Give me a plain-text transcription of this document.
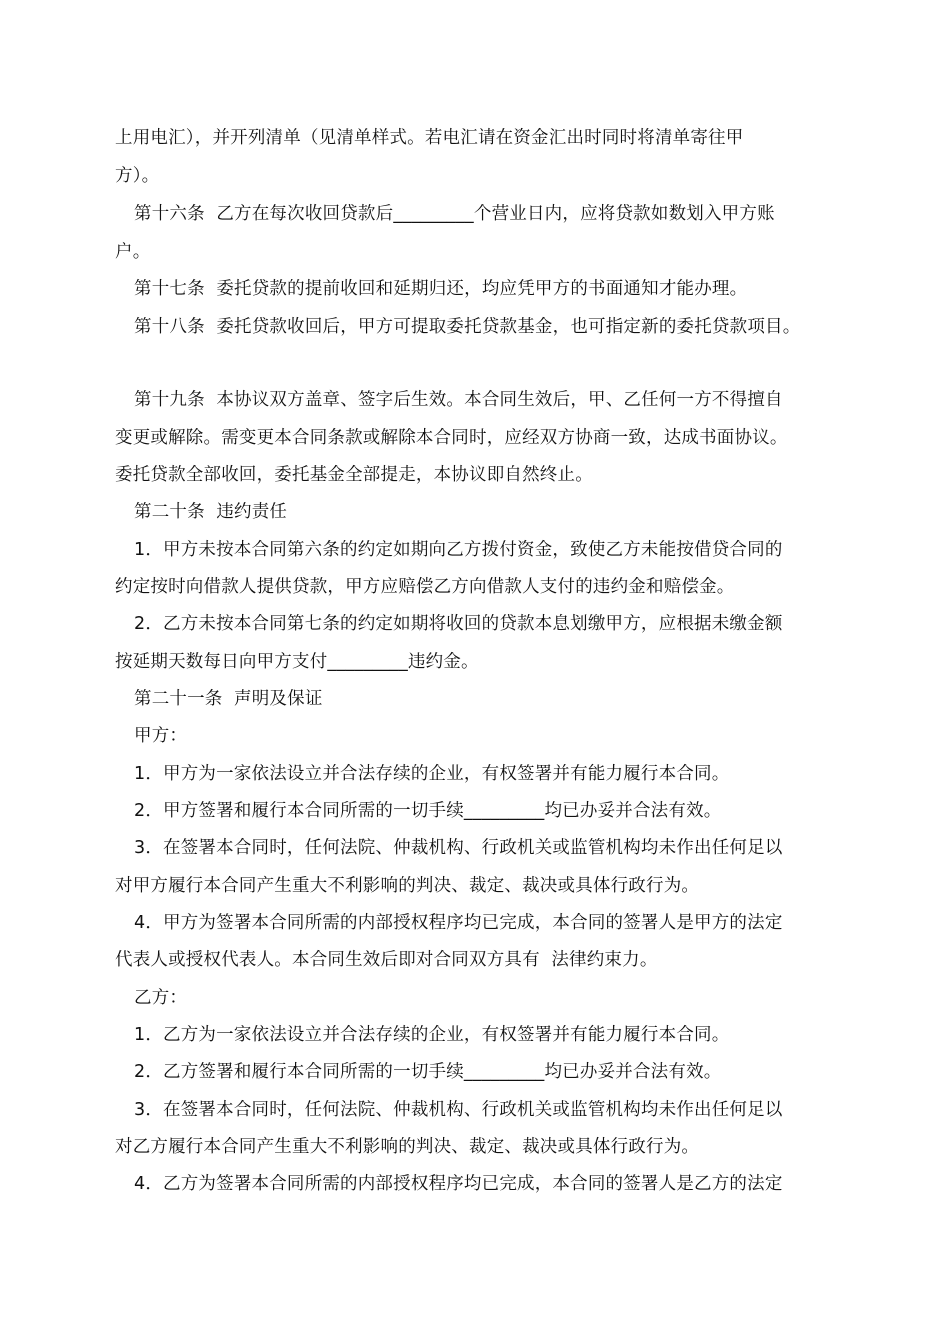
上用电汇），并开列清单（见清单样式。若电汇请在资金汇出时同时将清单寄往甲
方）。
第十六条  乙方在每次收回贷款后_________个营业日内，应将贷款如数划入甲方账
户。
第十七条  委托贷款的提前收回和延期归还，均应凭甲方的书面通知才能办理。
第十八条  委托贷款收回后，甲方可提取委托贷款基金，也可指定新的委托贷款项目。
第十九条  本协议双方盖章、签字后生效。本合同生效后，甲、乙任何一方不得擅自
变更或解除。需变更本合同条款或解除本合同时，应经双方协商一致，达成书面协议。
委托贷款全部收回，委托基金全部提走，本协议即自然终止。
第二十条  违约责任
1．甲方未按本合同第六条的约定如期向乙方拨付资金，致使乙方未能按借贷合同的
约定按时向借款人提供贷款，甲方应赔偿乙方向借款人支付的违约金和赔偿金。
2．乙方未按本合同第七条的约定如期将收回的贷款本息划缴甲方，应根据未缴金额
按延期天数每日向甲方支付_________违约金。
第二十一条  声明及保证
甲方：
1．甲方为一家依法设立并合法存续的企业，有权签署并有能力履行本合同。
2．甲方签署和履行本合同所需的一切手续_________均已办妥并合法有效。
3．在签署本合同时，任何法院、仲裁机构、行政机关或监管机构均未作出任何足以
对甲方履行本合同产生重大不利影响的判决、裁定、裁决或具体行政行为。
4．甲方为签署本合同所需的内部授权程序均已完成，本合同的签署人是甲方的法定
代表人或授权代表人。本合同生效后即对合同双方具有  法律约束力。
乙方：
1．乙方为一家依法设立并合法存续的企业，有权签署并有能力履行本合同。
2．乙方签署和履行本合同所需的一切手续_________均已办妥并合法有效。
3．在签署本合同时，任何法院、仲裁机构、行政机关或监管机构均未作出任何足以
对乙方履行本合同产生重大不利影响的判决、裁定、裁决或具体行政行为。
4．乙方为签署本合同所需的内部授权程序均已完成，本合同的签署人是乙方的法定
